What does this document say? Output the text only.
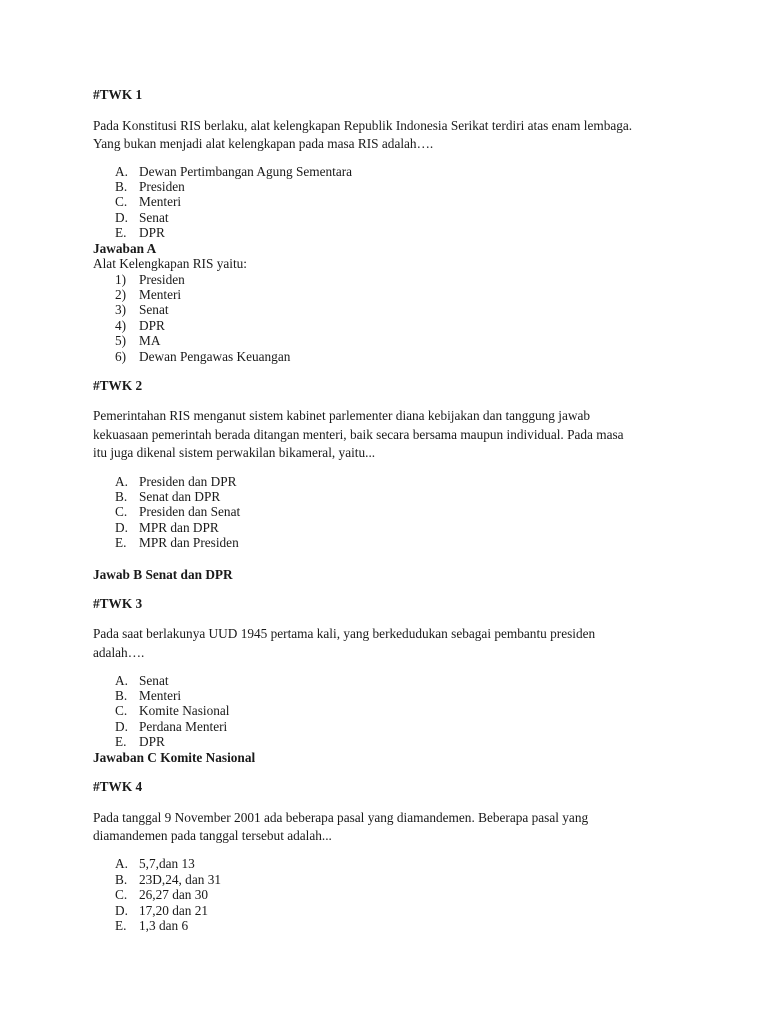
#TWK 1
Pada Konstitusi RIS berlaku, alat kelengkapan Republik Indonesia Serikat terdiri atas enam lembaga.
Yang bukan menjadi alat kelengkapan pada masa RIS adalah….
A. Dewan Pertimbangan Agung Sementara
B. Presiden
C. Menteri
D. Senat
E. DPR
Jawaban A
Alat Kelengkapan RIS yaitu:
1) Presiden
2) Menteri
3) Senat
4) DPR
5) MA
6) Dewan Pengawas Keuangan
#TWK 2
Pemerintahan RIS menganut sistem kabinet parlementer diana kebijakan dan tanggung jawab
kekuasaan pemerintah berada ditangan menteri, baik secara bersama maupun individual. Pada masa
itu juga dikenal sistem perwakilan bikameral, yaitu...
A. Presiden dan DPR
B. Senat dan DPR
C. Presiden dan Senat
D. MPR dan DPR
E. MPR dan Presiden
Jawab B Senat dan DPR
#TWK 3
Pada saat berlakunya UUD 1945 pertama kali, yang berkedudukan sebagai pembantu presiden
adalah….
A. Senat
B. Menteri
C. Komite Nasional
D. Perdana Menteri
E. DPR
Jawaban C Komite Nasional
#TWK 4
Pada tanggal 9 November 2001 ada beberapa pasal yang diamandemen. Beberapa pasal yang
diamandemen pada tanggal tersebut adalah...
A. 5,7,dan 13
B. 23D,24, dan 31
C. 26,27 dan 30
D. 17,20 dan 21
E. 1,3 dan 6
